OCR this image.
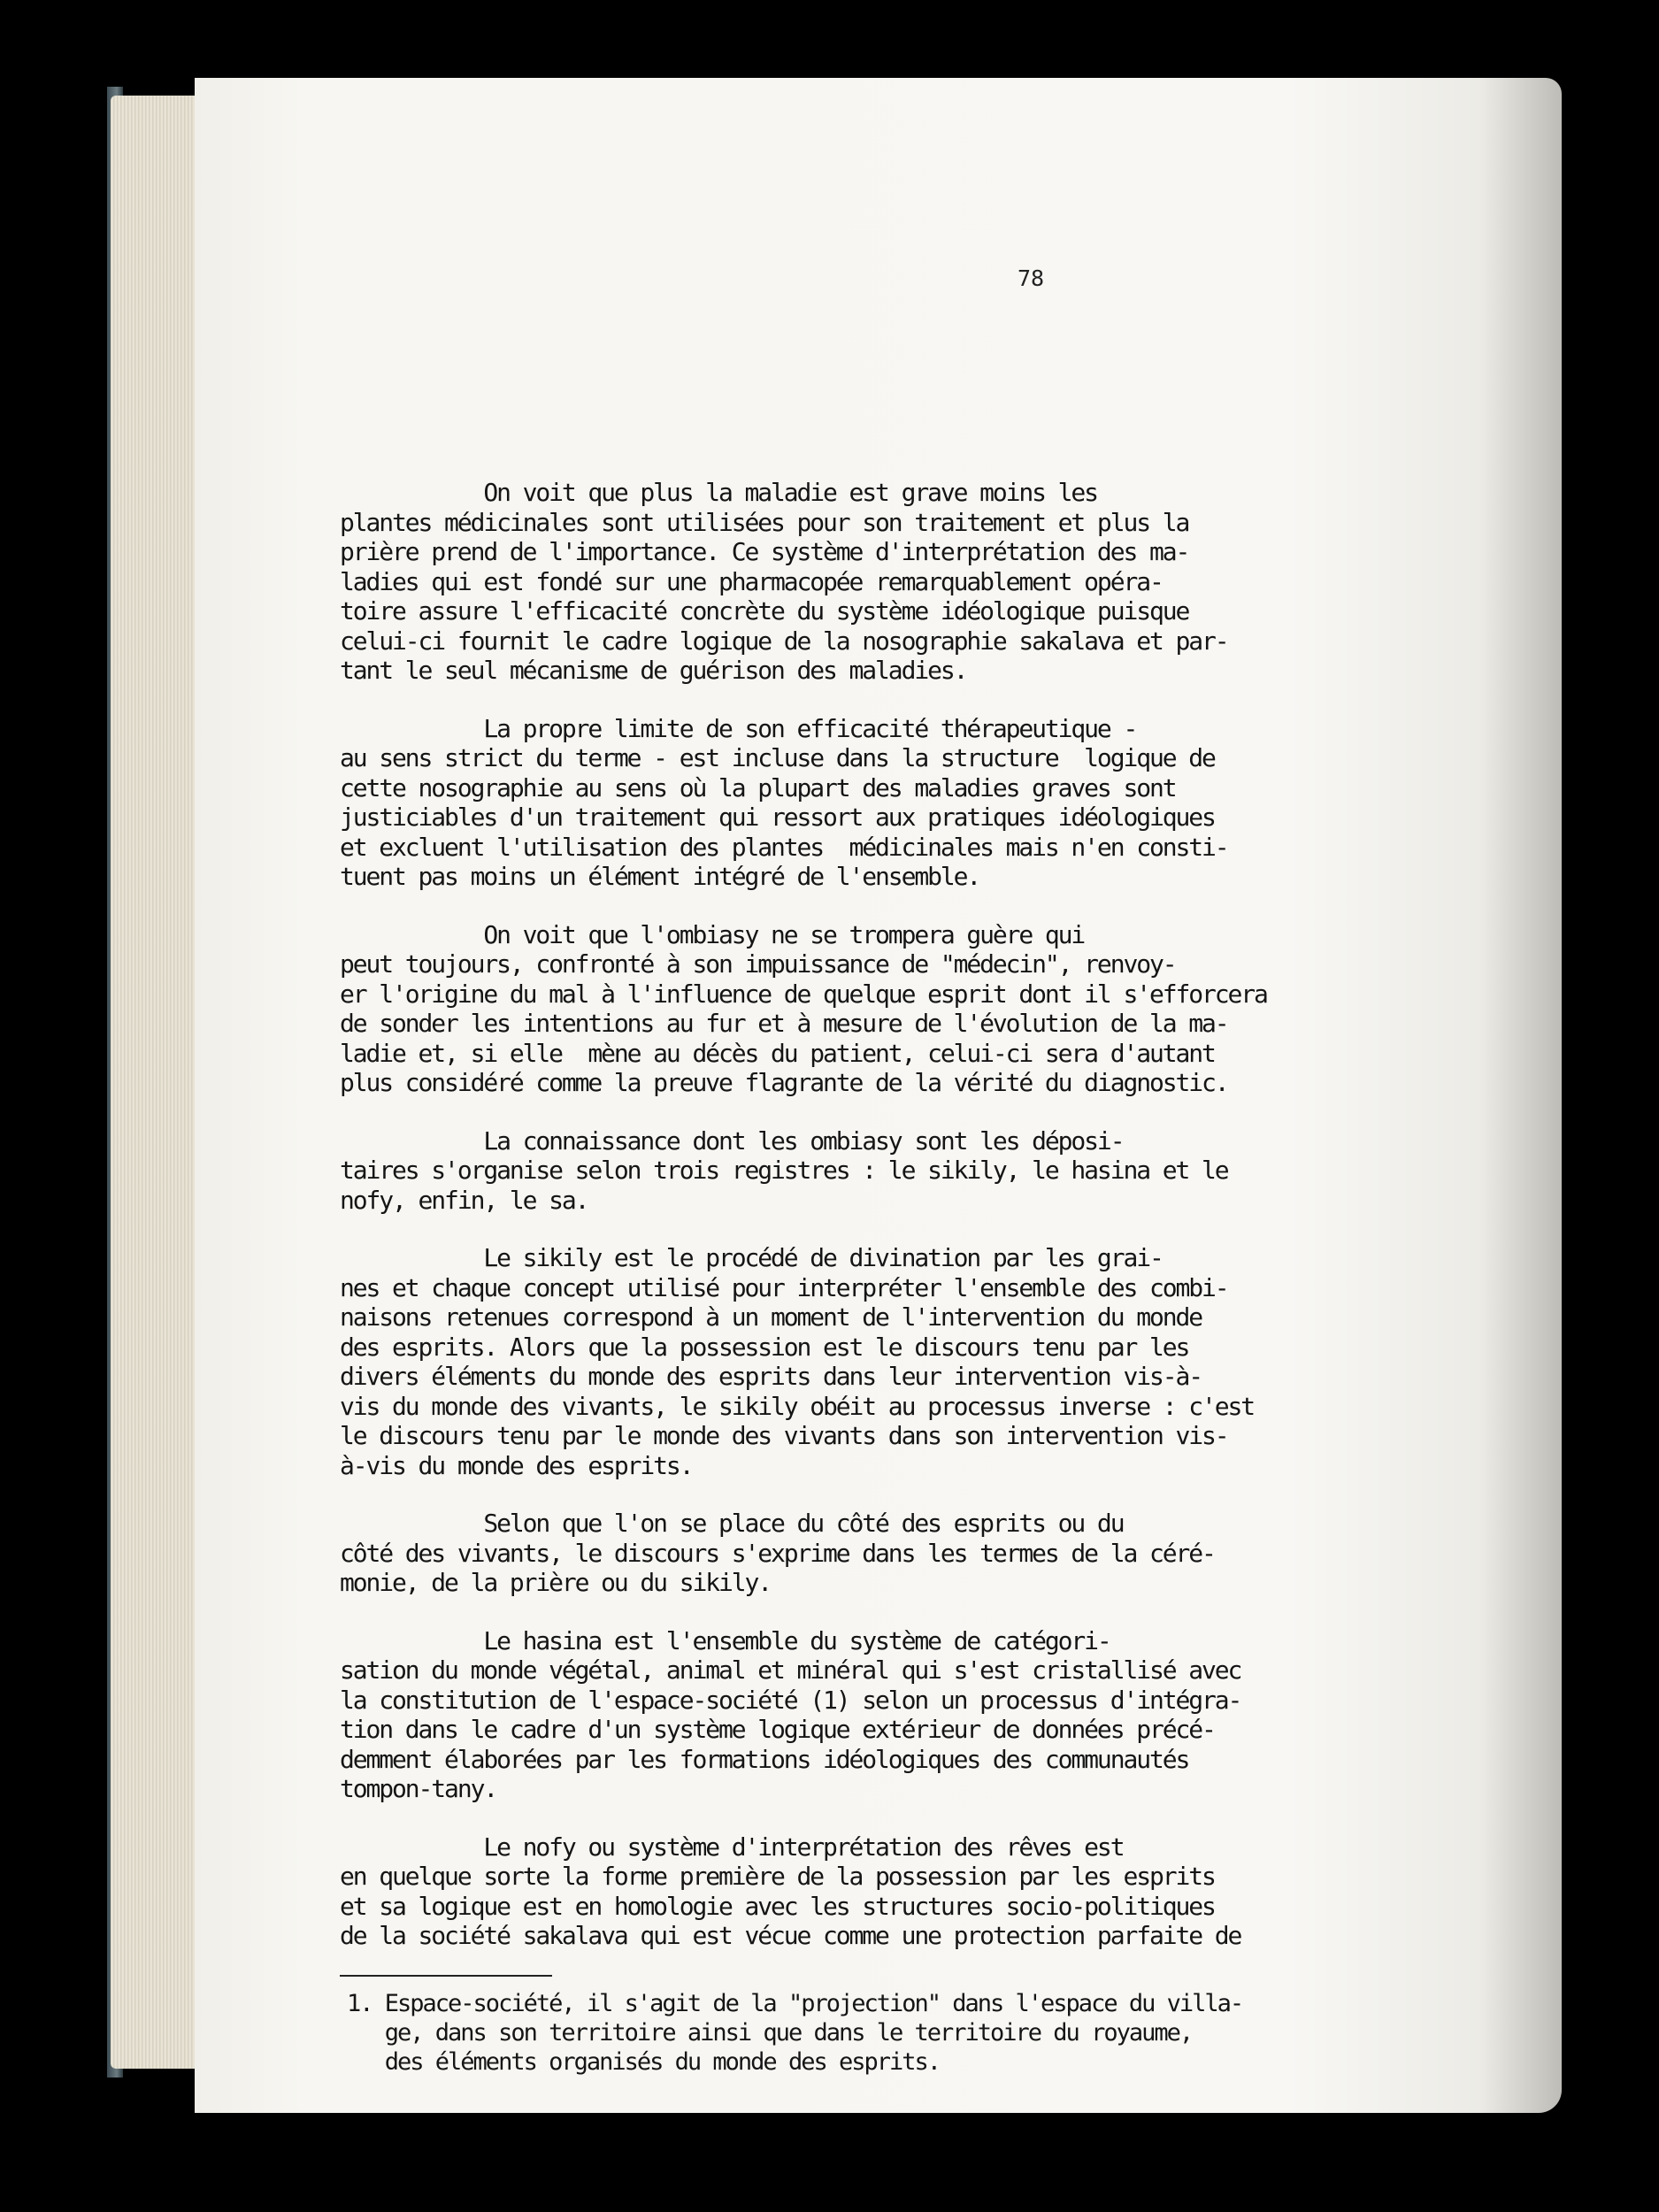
78
On voit que plus la maladie est grave moins les
plantes médicinales sont utilisées pour son traitement et plus la
prière prend de l'importance. Ce système d'interprétation des ma-
ladies qui est fondé sur une pharmacopée remarquablement opéra-
toire assure l'efficacité concrète du système idéologique puisque
celui-ci fournit le cadre logique de la nosographie sakalava et par-
tant le seul mécanisme de guérison des maladies.
La propre limite de son efficacité thérapeutique -
au sens strict du terme - est incluse dans la structure  logique de
cette nosographie au sens où la plupart des maladies graves sont
justiciables d'un traitement qui ressort aux pratiques idéologiques
et excluent l'utilisation des plantes  médicinales mais n'en consti-
tuent pas moins un élément intégré de l'ensemble.
On voit que l'ombiasy ne se trompera guère qui
peut toujours, confronté à son impuissance de "médecin", renvoy-
er l'origine du mal à l'influence de quelque esprit dont il s'efforcera
de sonder les intentions au fur et à mesure de l'évolution de la ma-
ladie et, si elle  mène au décès du patient, celui-ci sera d'autant
plus considéré comme la preuve flagrante de la vérité du diagnostic.
La connaissance dont les ombiasy sont les déposi-
taires s'organise selon trois registres : le sikily, le hasina et le
nofy, enfin, le sa.
Le sikily est le procédé de divination par les grai-
nes et chaque concept utilisé pour interpréter l'ensemble des combi-
naisons retenues correspond à un moment de l'intervention du monde
des esprits. Alors que la possession est le discours tenu par les
divers éléments du monde des esprits dans leur intervention vis-à-
vis du monde des vivants, le sikily obéit au processus inverse : c'est
le discours tenu par le monde des vivants dans son intervention vis-
à-vis du monde des esprits.
Selon que l'on se place du côté des esprits ou du
côté des vivants, le discours s'exprime dans les termes de la céré-
monie, de la prière ou du sikily.
Le hasina est l'ensemble du système de catégori-
sation du monde végétal, animal et minéral qui s'est cristallisé avec
la constitution de l'espace-société (1) selon un processus d'intégra-
tion dans le cadre d'un système logique extérieur de données précé-
demment élaborées par les formations idéologiques des communautés
tompon-tany.
Le nofy ou système d'interprétation des rêves est
en quelque sorte la forme première de la possession par les esprits
et sa logique est en homologie avec les structures socio-politiques
de la société sakalava qui est vécue comme une protection parfaite de
1. Espace-société, il s'agit de la "projection" dans l'espace du villa-
ge, dans son territoire ainsi que dans le territoire du royaume,
des éléments organisés du monde des esprits.
